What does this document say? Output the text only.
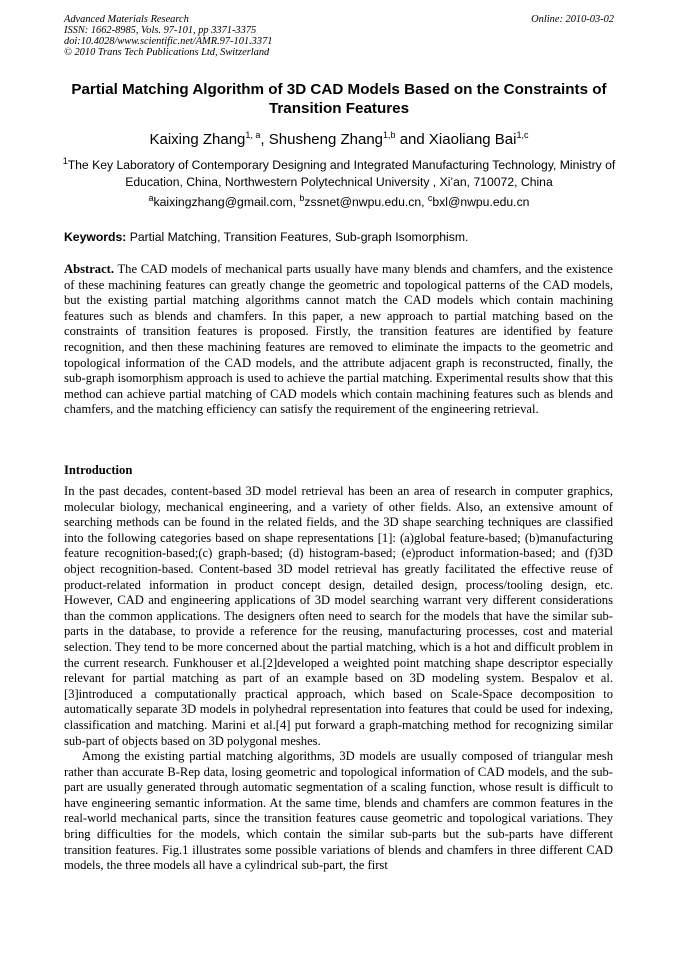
Advanced Materials Research
ISSN: 1662-8985, Vols. 97-101, pp 3371-3375
doi:10.4028/www.scientific.net/AMR.97-101.3371
© 2010 Trans Tech Publications Ltd, Switzerland
Online: 2010-03-02
Partial Matching Algorithm of 3D CAD Models Based on the Constraints of Transition Features
Kaixing Zhang$^{1, a}$, Shusheng Zhang$^{1,b}$ and Xiaoliang Bai$^{1,c}$
$^1$The Key Laboratory of Contemporary Designing and Integrated Manufacturing Technology, Ministry of Education, China, Northwestern Polytechnical University , Xi’an, 710072, China
$^a$kaixingzhang@gmail.com, $^b$zssnet@nwpu.edu.cn, $^c$bxl@nwpu.edu.cn
Keywords: Partial Matching, Transition Features, Sub-graph Isomorphism.
Abstract. The CAD models of mechanical parts usually have many blends and chamfers, and the existence of these machining features can greatly change the geometric and topological patterns of the CAD models, but the existing partial matching algorithms cannot match the CAD models which contain machining features such as blends and chamfers. In this paper, a new approach to partial matching based on the constraints of transition features is proposed. Firstly, the transition features are identified by feature recognition, and then these machining features are removed to eliminate the impacts to the geometric and topological information of the CAD models, and the attribute adjacent graph is reconstructed, finally, the sub-graph isomorphism approach is used to achieve the partial matching. Experimental results show that this method can achieve partial matching of CAD models which contain machining features such as blends and chamfers, and the matching efficiency can satisfy the requirement of the engineering retrieval.
Introduction

In the past decades, content-based 3D model retrieval has been an area of research in computer graphics, molecular biology, mechanical engineering, and a variety of other fields. Also, an extensive amount of searching methods can be found in the related fields, and the 3D shape searching techniques are classified into the following categories based on shape representations [1]: (a)global feature-based; (b)manufacturing feature recognition-based;(c) graph-based; (d) histogram-based; (e)product information-based; and (f)3D object recognition-based. Content-based 3D model retrieval has greatly facilitated the effective reuse of product-related information in product concept design, detailed design, process/tooling design, etc. However, CAD and engineering applications of 3D model searching warrant very different considerations than the common applications. The designers often need to search for the models that have the similar sub-parts in the database, to provide a reference for the reusing, manufacturing processes, cost and material selection. They tend to be more concerned about the partial matching, which is a hot and difficult problem in the current research. Funkhouser et al.[2]developed a weighted point matching shape descriptor especially relevant for partial matching as part of an example based on 3D modeling system. Bespalov et al.[3]introduced a computationally practical approach, which based on Scale-Space decomposition to automatically separate 3D models in polyhedral representation into features that could be used for indexing, classification and matching. Marini et al.[4] put forward a graph-matching method for recognizing similar sub-part of objects based on 3D polygonal meshes.

Among the existing partial matching algorithms, 3D models are usually composed of triangular mesh rather than accurate B-Rep data, losing geometric and topological information of CAD models, and the sub-part are usually generated through automatic segmentation of a scaling function, whose result is difficult to have engineering semantic information. At the same time, blends and chamfers are common features in the real-world mechanical parts, since the transition features cause geometric and topological variations. They bring difficulties for the models, which contain the similar sub-parts but the sub-parts have different transition features. Fig.1 illustrates some possible variations of blends and chamfers in three different CAD models, the three models all have a cylindrical sub-part, the first
